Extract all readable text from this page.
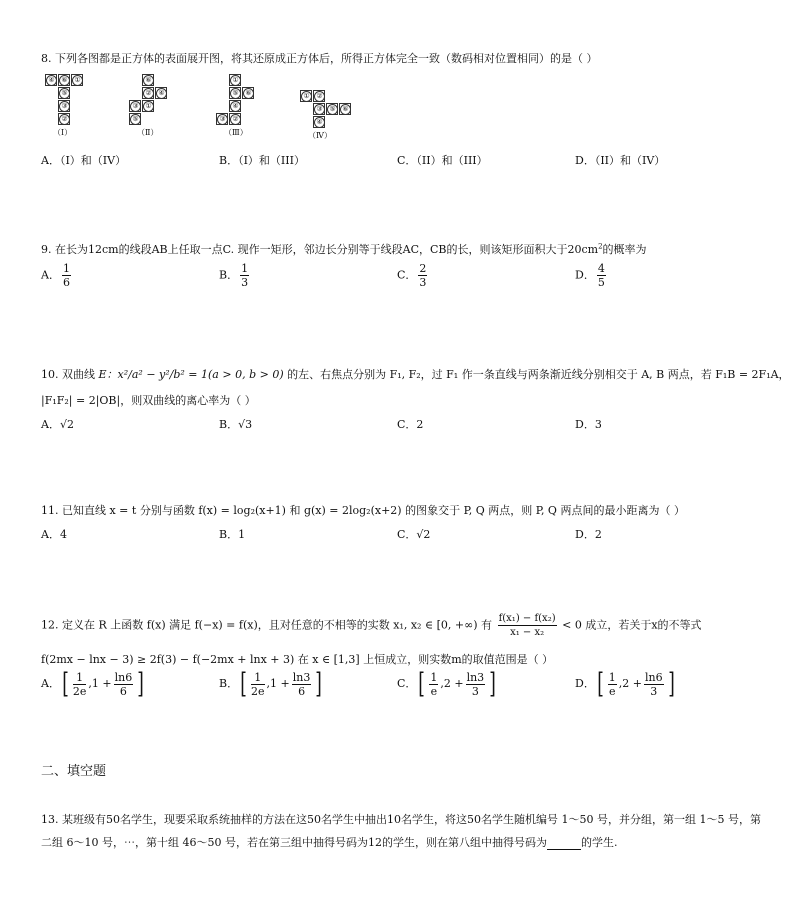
8. 下列各图都是正方体的表面展开图，将其还原成正方体后，所得正方体完全一致（数码相对位置相同）的是（ ）
④ ⑥ ①
⑤
③
②
（Ⅰ）
⑥
② ④
③ ①
⑤
（Ⅱ）
①
⑤ ⑥
④
③ ②
（Ⅲ）
① ②
③ ⑤ ⑥
④
（Ⅳ）
A．（I）和（IV）	B．（I）和（III）	C．（II）和（III）	D．（II）和（IV）
9. 在长为12cm的线段AB上任取一点C. 现作一矩形，邻边长分别等于线段AC，CB的长，则该矩形面积大于$20cm^2$的概率为
A． $\frac{1}{6}$	B． $\frac{1}{3}$	C． $\frac{2}{3}$	D． $\frac{4}{5}$
10. 双曲线 E：x²/a² − y²/b² = 1(a > 0, b > 0) 的左、右焦点分别为 F₁, F₂，过 F₁ 作一条直线与两条渐近线分别相交于 A, B 两点，若 F₁B = 2F₁A，
|F₁F₂| = 2|OB|，则双曲线的离心率为（ ）
A．√2	B．√3	C．2	D．3
11. 已知直线 x = t 分别与函数 f(x) = log₂(x+1) 和 g(x) = 2log₂(x+2) 的图象交于 P, Q 两点，则 P, Q 两点间的最小距离为（ ）
A．4	B．1	C．√2	D．2
12. 定义在 R 上函数 f(x) 满足 f(−x) = f(x)，且对任意的不相等的实数 x₁, x₂ ∈ [0, +∞) 有 $\frac{\text{f(x₁) − f(x₂)}}{\text{x₁ − x₂}} < 0$ 成立，若关于x的不等式
f(2mx − lnx − 3) ≥ 2f(3) − f(−2mx + lnx + 3) 在 x ∈ [1,3] 上恒成立，则实数m的取值范围是（ ）
A．[ $\frac{1}{2e} ,1 + \frac{\ln 6}{6}$ ]	B．[ $\frac{1}{2e} ,1 + \frac{\ln 3}{6}$ ]	C．[ $\frac{1}{e} ,2 + \frac{\ln 3}{3}$ ]	D．[ $\frac{1}{e} ,2 + \frac{\ln 6}{3}$ ]
二、填空题
13. 某班级有50名学生，现要采取系统抽样的方法在这50名学生中抽出10名学生，将这50名学生随机编号 1～50 号，并分组，第一组 1～5 号，第
二组 6～10 号，⋯，第十组 46～50 号，若在第三组中抽得号码为12的学生，则在第八组中抽得号码为	的学生.
